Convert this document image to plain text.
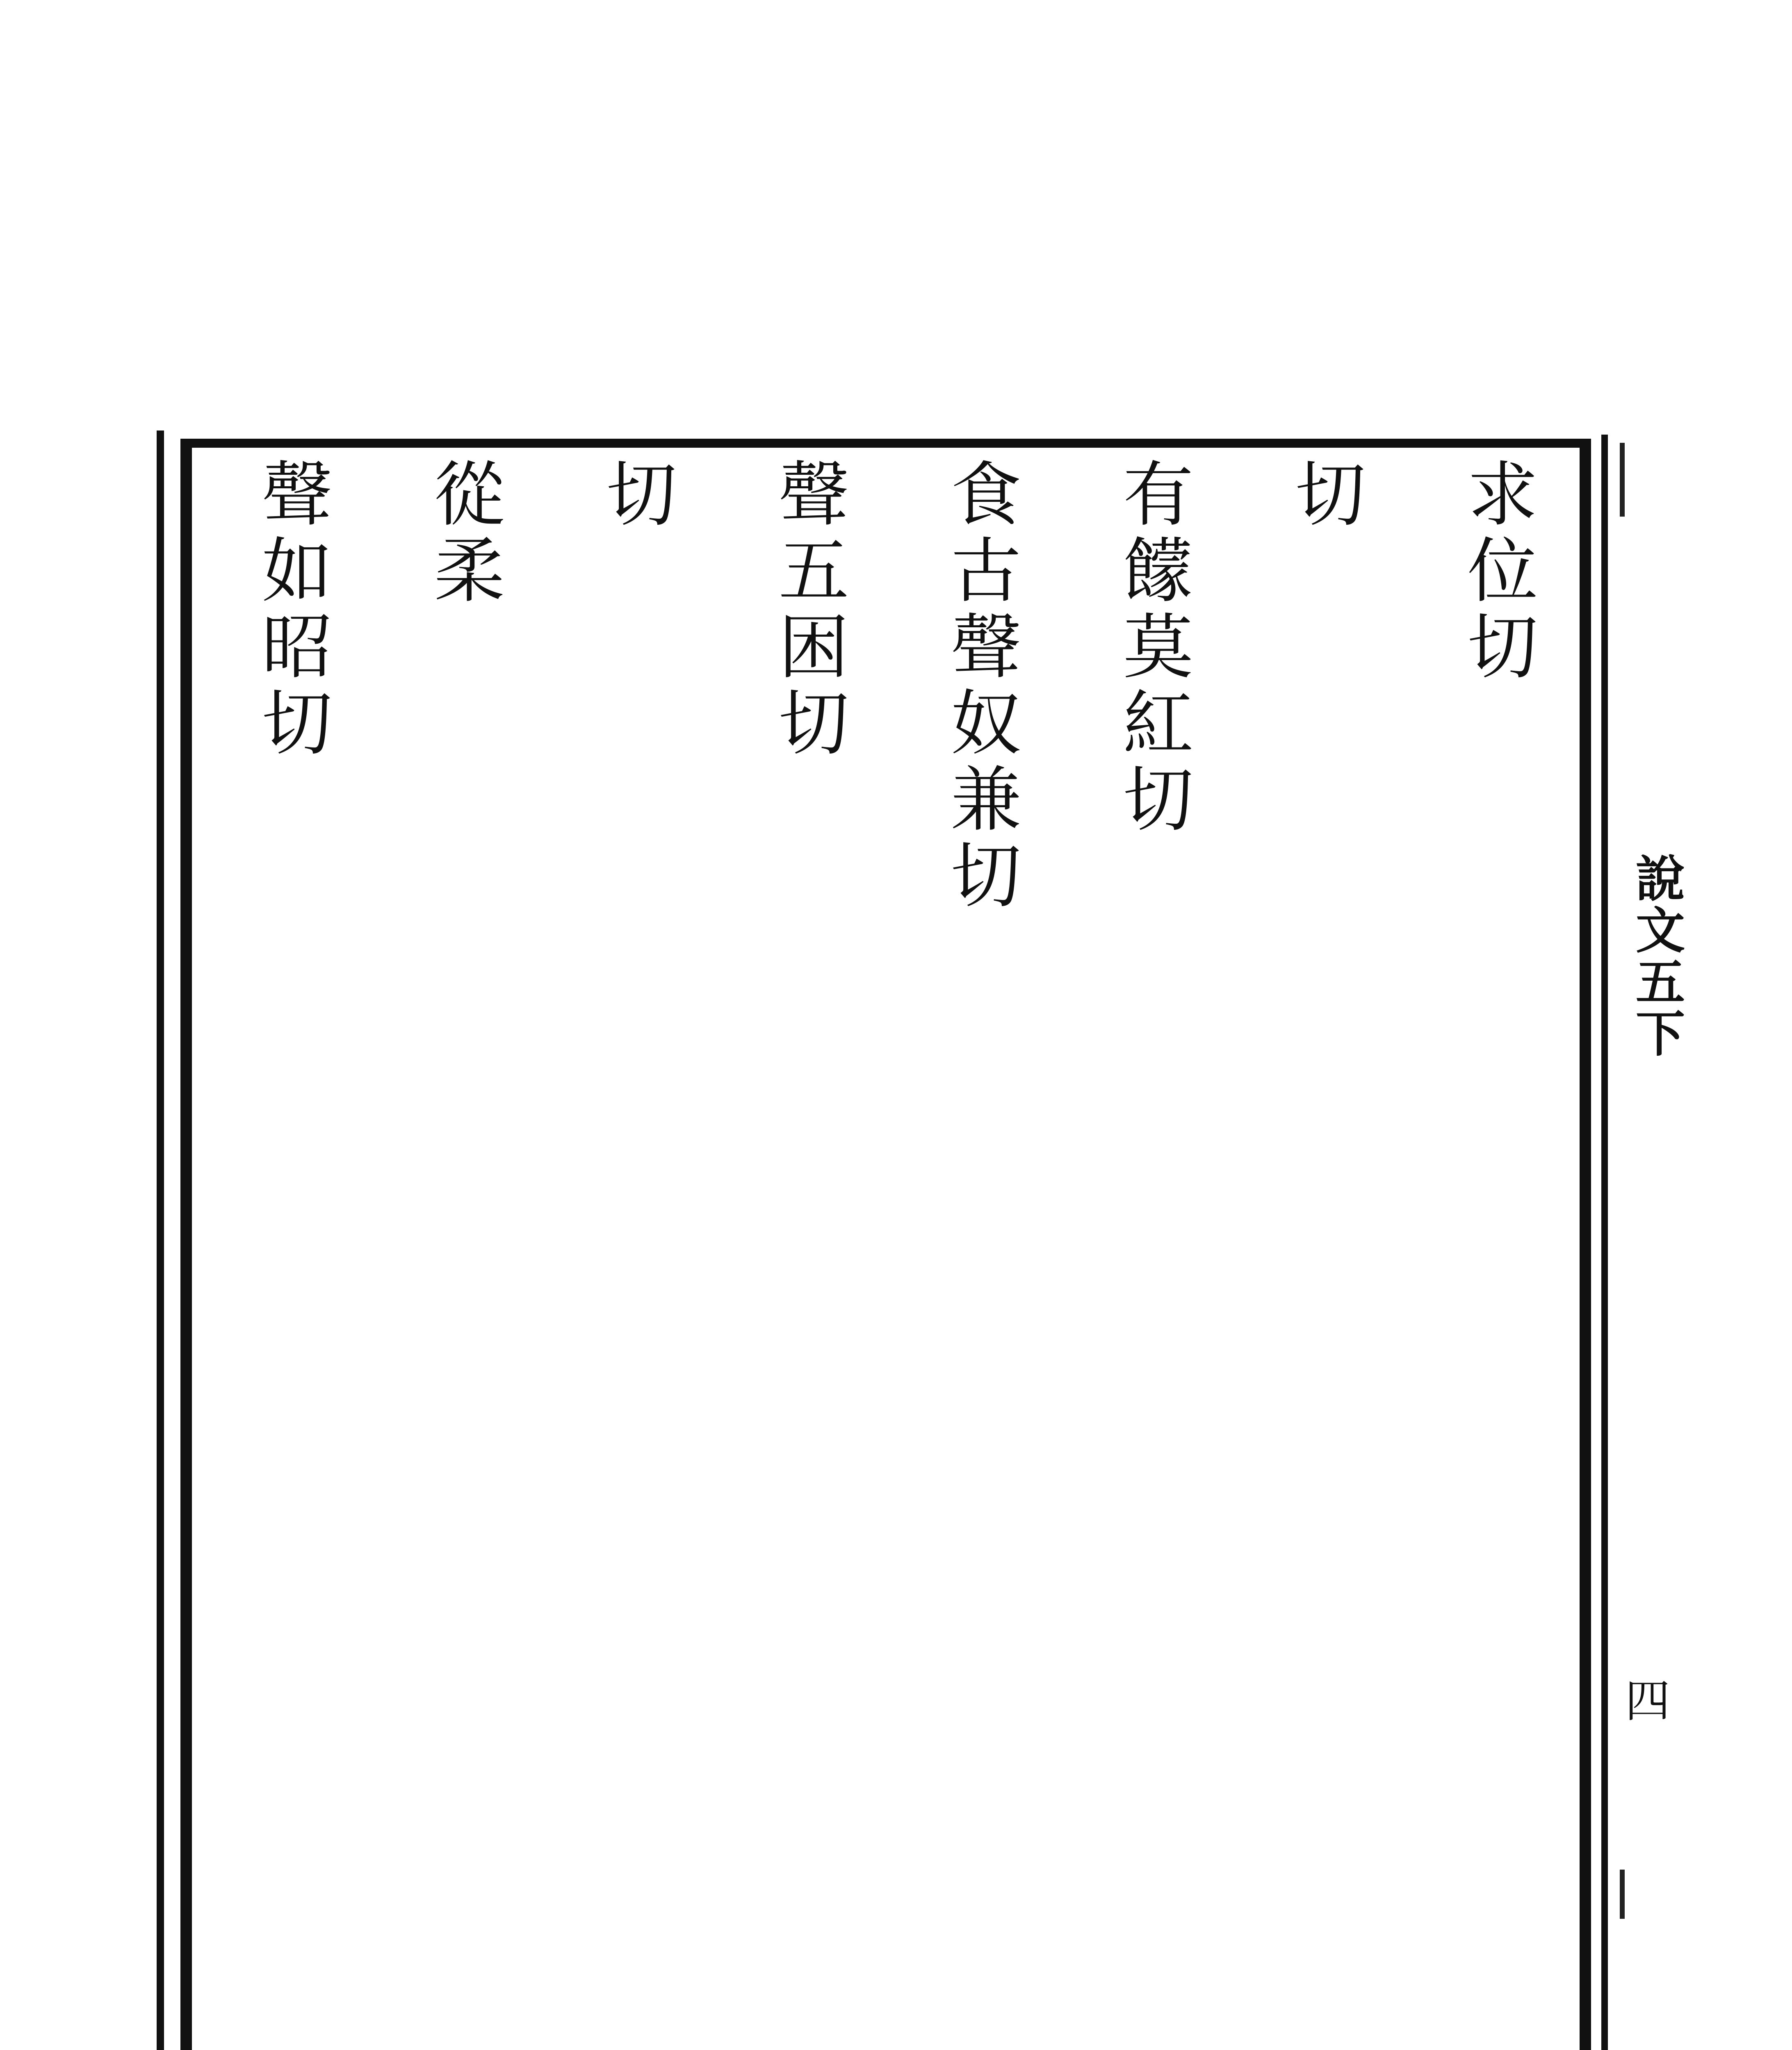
說文五下
四
求位切
切
有饛莫紅切
食古聲奴兼切
聲五困切
切
從柔
聲如昭切
